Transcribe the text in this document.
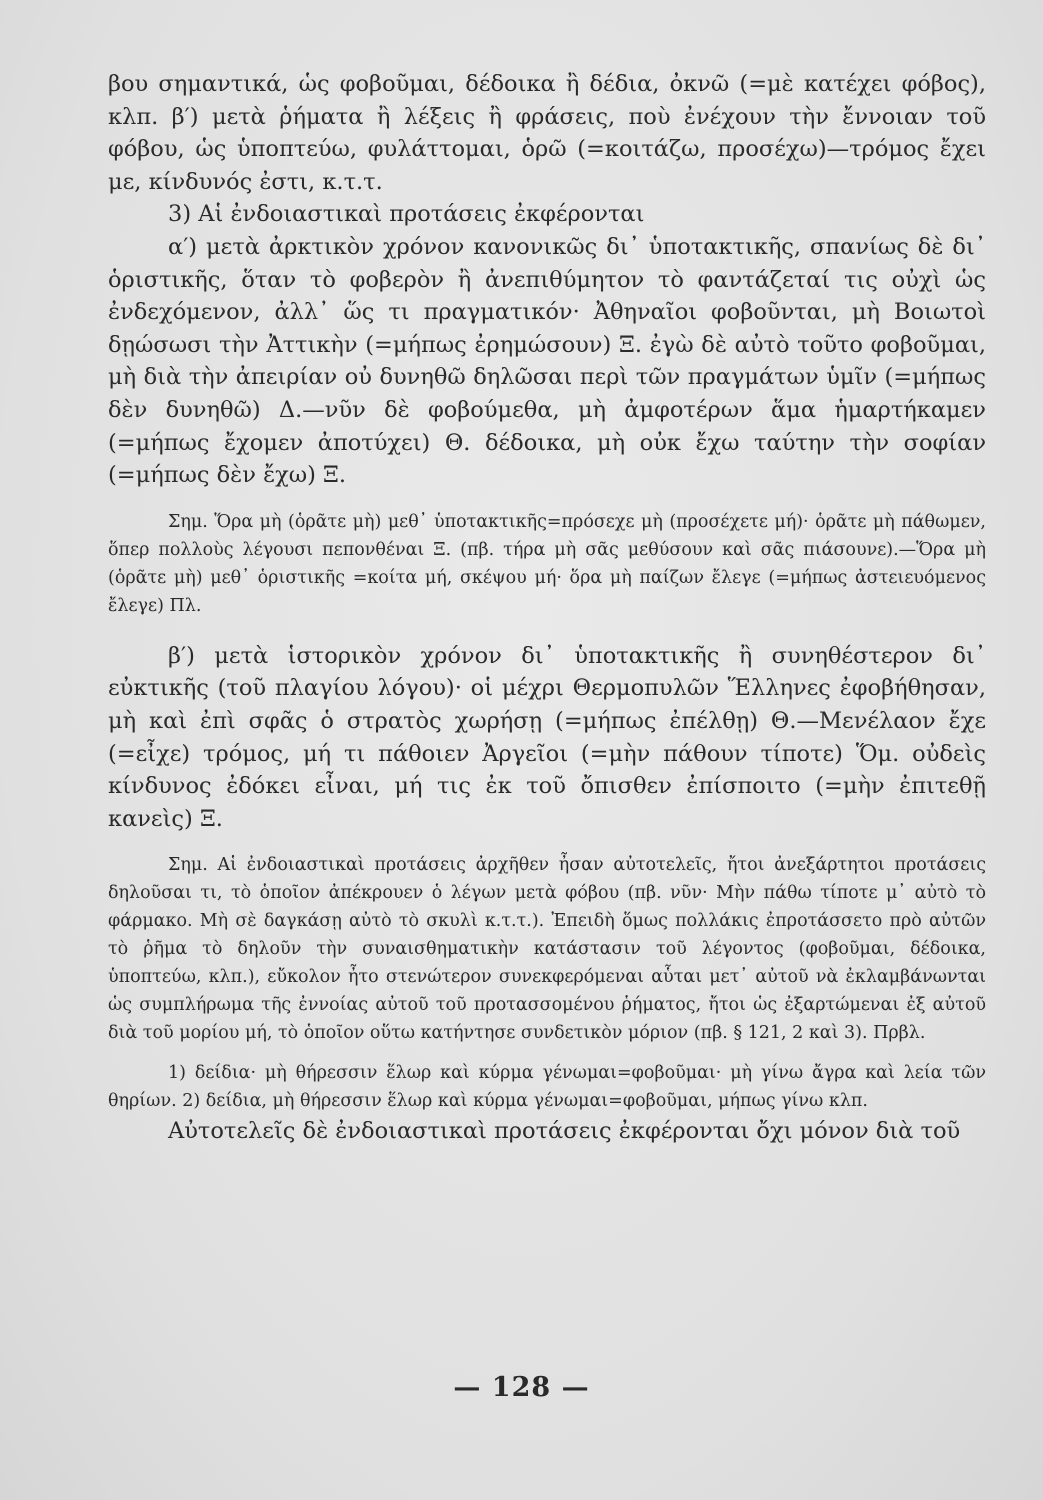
βου σημαντικά, ὡς φοβοῦμαι, δέδοικα ἢ δέδια, ὀκνῶ (=μὲ κατέχει φόβος), κλπ. β′) μετὰ ῥήματα ἢ λέξεις ἢ φράσεις, ποὺ ἐνέχουν τὴν ἔννοιαν τοῦ φόβου, ὡς ὑποπτεύω, φυλάττομαι, ὁρῶ (=κοιτάζω, προσέχω)—τρόμος ἔχει με, κίνδυνός ἐστι, κ.τ.τ.

3) Αἱ ἐνδοιαστικαὶ προτάσεις ἐκφέρονται

α′) μετὰ ἀρκτικὸν χρόνον κανονικῶς δι᾿ ὑποτακτικῆς, σπανίως δὲ δι᾿ ὁριστικῆς, ὅταν τὸ φοβερὸν ἢ ἀνεπιθύμητον τὸ φαντάζεταί τις οὐχὶ ὡς ἐνδεχόμενον, ἀλλ᾿ ὥς τι πραγματικόν· Ἀθηναῖοι φοβοῦνται, μὴ Βοιωτοὶ δῃώσωσι τὴν Ἀττικὴν (=μήπως ἐρημώσουν) Ξ. ἐγὼ δὲ αὐτὸ τοῦτο φοβοῦμαι, μὴ διὰ τὴν ἀπειρίαν οὐ δυνηθῶ δηλῶσαι περὶ τῶν πραγμάτων ὑμῖν (=μήπως δὲν δυνηθῶ) Δ.—νῦν δὲ φοβούμεθα, μὴ ἀμφοτέρων ἅμα ἡμαρτήκαμεν (=μήπως ἔχομεν ἀποτύχει) Θ. δέδοικα, μὴ οὐκ ἔχω ταύτην τὴν σοφίαν (=μήπως δὲν ἔχω) Ξ.

Σημ. Ὅρα μὴ (ὁρᾶτε μὴ) μεθ᾿ ὑποτακτικῆς=πρόσεχε μὴ (προσέχετε μή)· ὁρᾶτε μὴ πάθωμεν, ὅπερ πολλοὺς λέγουσι πεπονθέναι Ξ. (πβ. τήρα μὴ σᾶς μεθύσουν καὶ σᾶς πιάσουνε).—Ὅρα μὴ (ὁρᾶτε μὴ) μεθ᾿ ὁριστικῆς =κοίτα μή, σκέψου μή· ὅρα μὴ παίζων ἔλεγε (=μήπως ἀστειευόμενος ἔλεγε) Πλ.

β′) μετὰ ἱστορικὸν χρόνον δι᾿ ὑποτακτικῆς ἢ συνηθέστερον δι᾿ εὐκτικῆς (τοῦ πλαγίου λόγου)· οἱ μέχρι Θερμοπυλῶν Ἕλληνες ἐφοβήθησαν, μὴ καὶ ἐπὶ σφᾶς ὁ στρατὸς χωρήσῃ (=μήπως ἐπέλθῃ) Θ.—Μενέλαον ἔχε (=εἶχε) τρόμος, μή τι πάθοιεν Ἀργεῖοι (=μὴν πάθουν τίποτε) Ὅμ. οὐδεὶς κίνδυνος ἐδόκει εἶναι, μή τις ἐκ τοῦ ὄπισθεν ἐπίσποιτο (=μὴν ἐπιτεθῇ κανεὶς) Ξ.

Σημ. Αἱ ἐνδοιαστικαὶ προτάσεις ἀρχῆθεν ἦσαν αὐτοτελεῖς, ἤτοι ἀνεξάρτητοι προτάσεις δηλοῦσαι τι, τὸ ὁποῖον ἀπέκρουεν ὁ λέγων μετὰ φόβου (πβ. νῦν· Μὴν πάθω τίποτε μ᾿ αὐτὸ τὸ φάρμακο. Μὴ σὲ δαγκάσῃ αὐτὸ τὸ σκυλὶ κ.τ.τ.). Ἐπειδὴ ὅμως πολλάκις ἐπροτάσσετο πρὸ αὐτῶν τὸ ῥῆμα τὸ δηλοῦν τὴν συναισθηματικὴν κατάστασιν τοῦ λέγοντος (φοβοῦμαι, δέδοικα, ὑποπτεύω, κλπ.), εὔκολον ἦτο στενώτερον συνεκφερόμεναι αὗται μετ᾿ αὐτοῦ νὰ ἐκλαμβάνωνται ὡς συμπλήρωμα τῆς ἐννοίας αὐτοῦ τοῦ προτασσομένου ῥήματος, ἤτοι ὡς ἐξαρτώμεναι ἐξ αὐτοῦ διὰ τοῦ μορίου μή, τὸ ὁποῖον οὕτω κατήντησε συνδετικὸν μόριον (πβ. § 121, 2 καὶ 3). Πρβλ.

1) δείδια· μὴ θήρεσσιν ἕλωρ καὶ κύρμα γένωμαι=φοβοῦμαι· μὴ γίνω ἄγρα καὶ λεία τῶν θηρίων. 2) δείδια, μὴ θήρεσσιν ἕλωρ καὶ κύρμα γένωμαι=φοβοῦμαι, μήπως γίνω κλπ.

Αὐτοτελεῖς δὲ ἐνδοιαστικαὶ προτάσεις ἐκφέρονται ὄχι μόνον διὰ τοῦ

— 128 —
